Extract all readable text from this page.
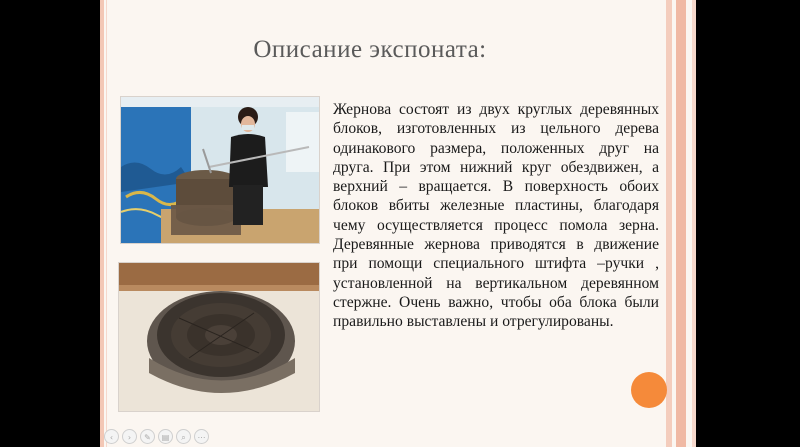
Описание экспоната:

Жернова состоят из двух круглых деревянных блоков, изготовленных из цельного дерева одинакового размера, положенных друг на друга. При этом нижний круг обездвижен, а верхний – вращается. В поверхность обоих блоков вбиты железные пластины, благодаря чему осуществляется процесс помола зерна. Деревянные жернова приводятся в движение при помощи специального штифта –ручки , установленной на вертикальном деревянном стержне. Очень важно, чтобы оба блока были правильно выставлены и отрегулированы.

‹	›	✎	▤	⌕	⋯
